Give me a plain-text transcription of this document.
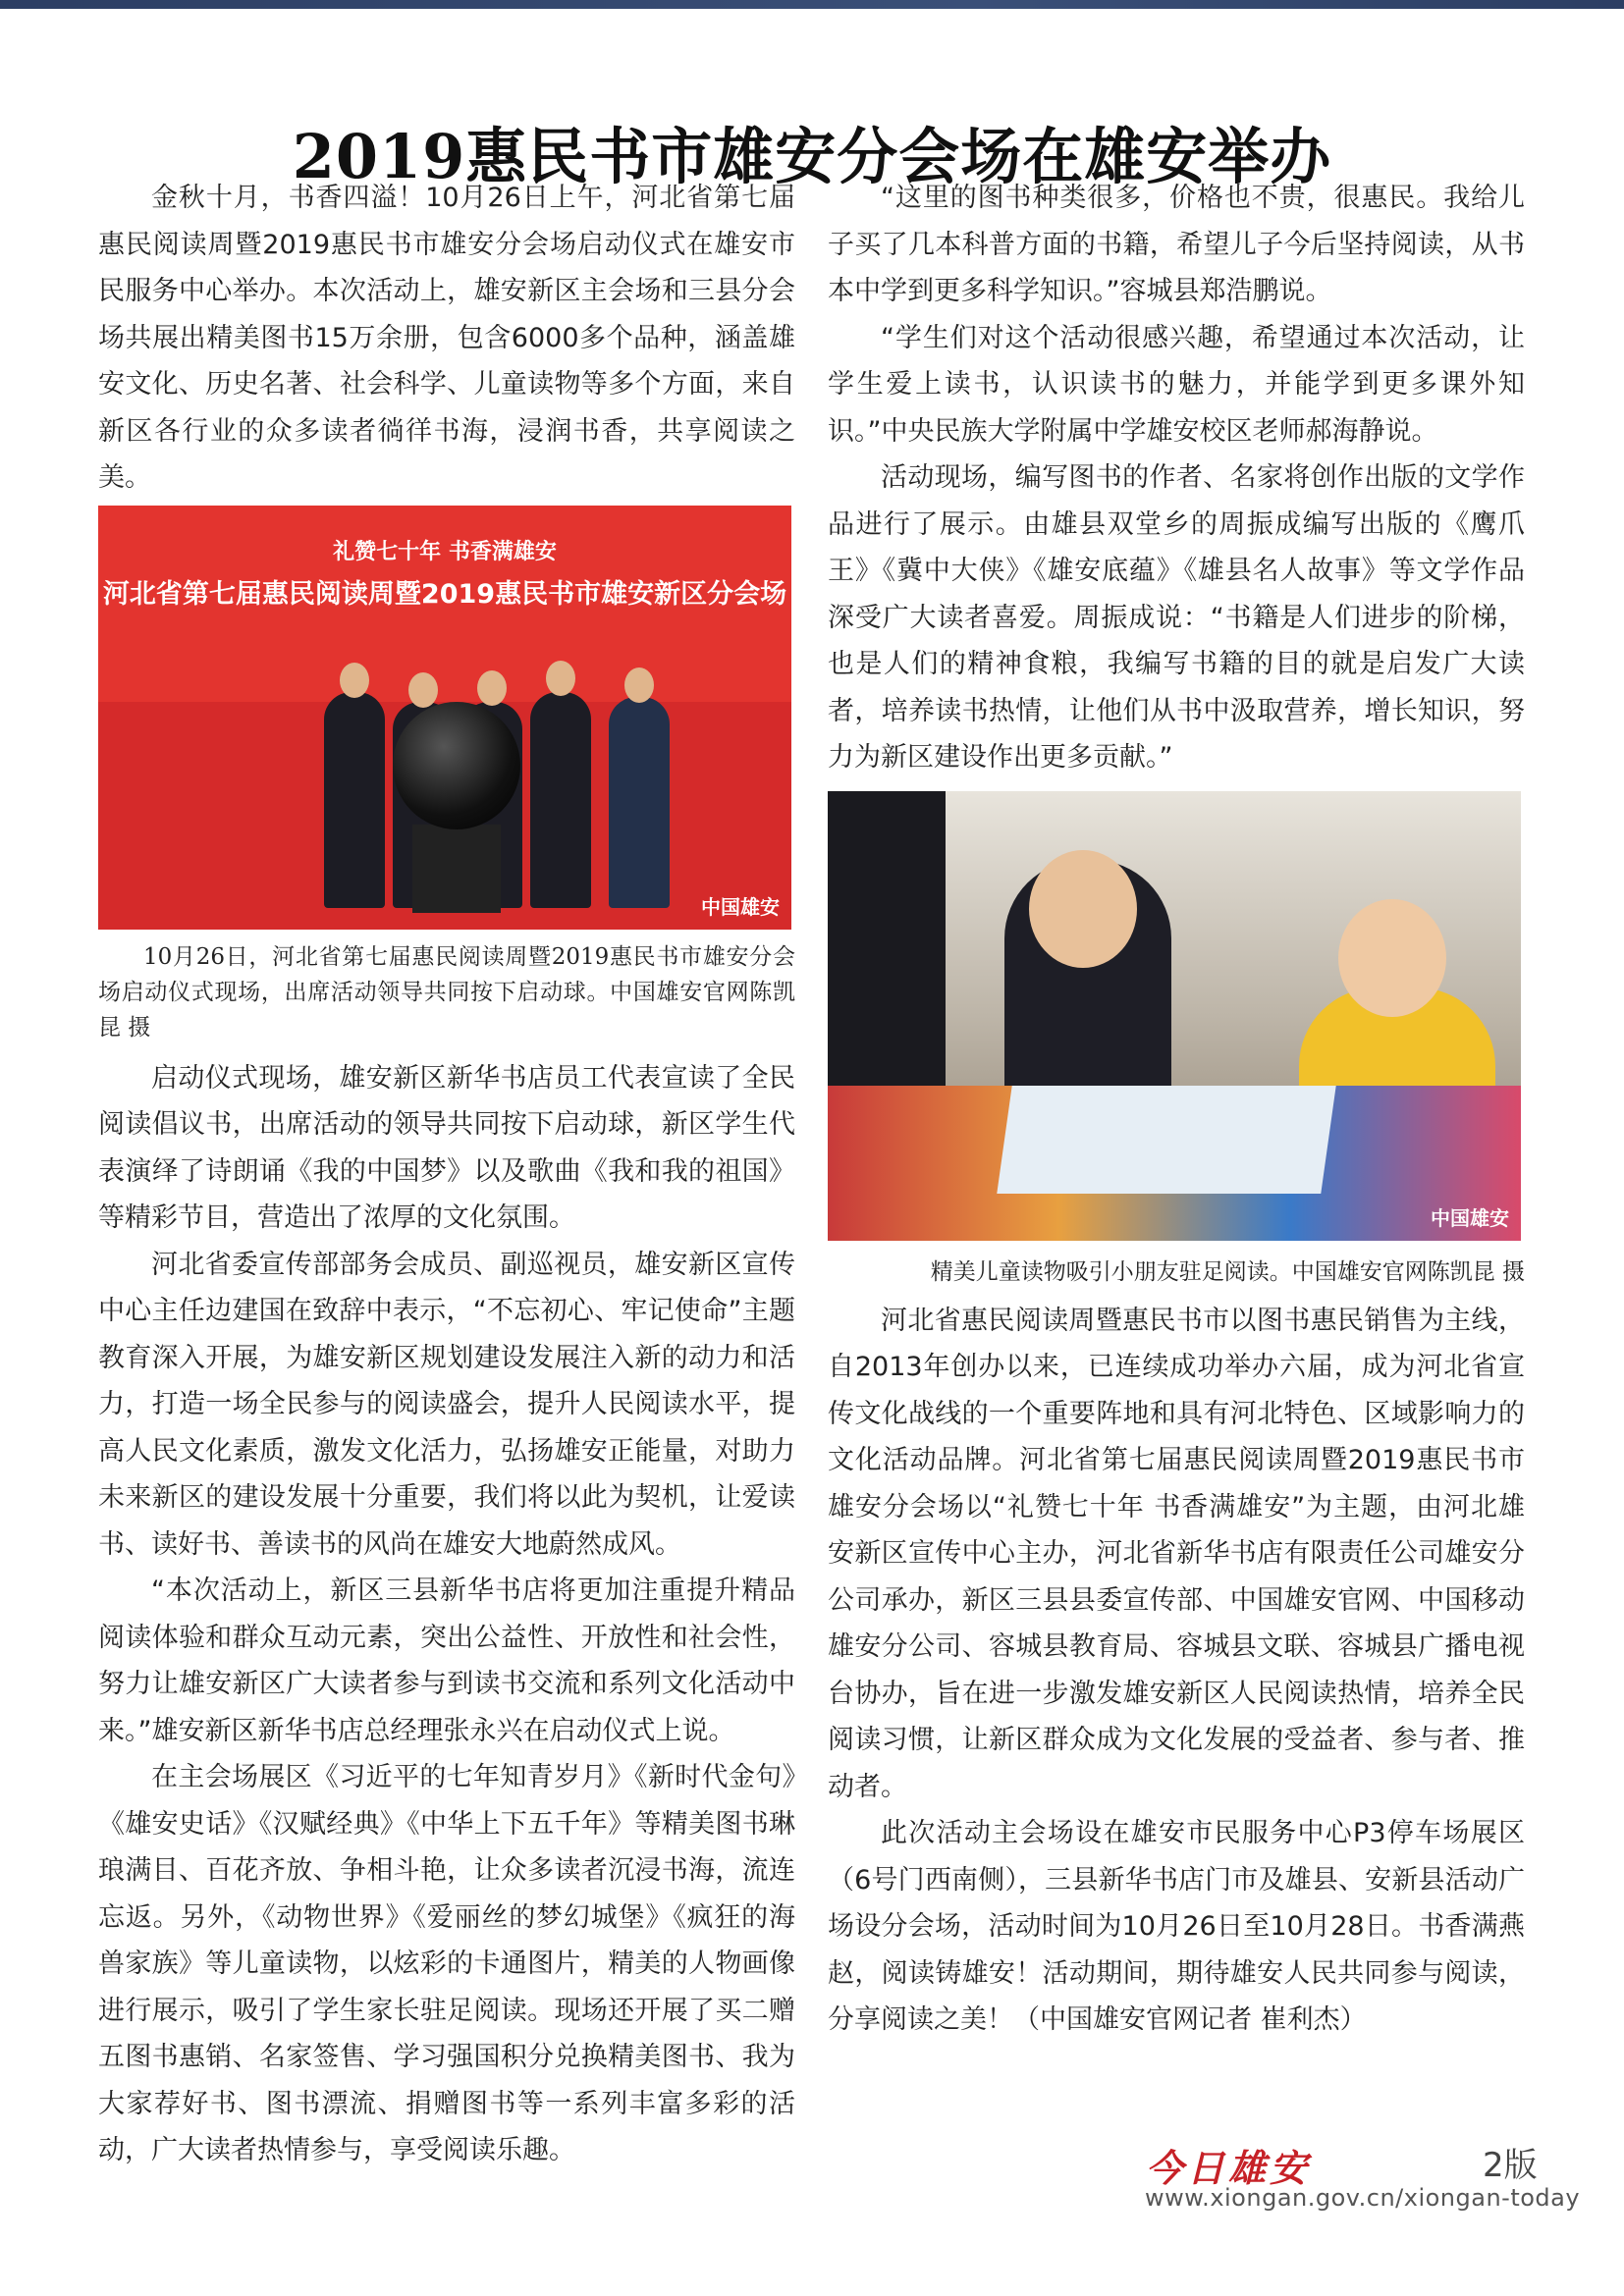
2019惠民书市雄安分会场在雄安举办

金秋十月，书香四溢！10月26日上午，河北省第七届惠民阅读周暨2019惠民书市雄安分会场启动仪式在雄安市民服务中心举办。本次活动上，雄安新区主会场和三县分会场共展出精美图书15万余册，包含6000多个品种，涵盖雄安文化、历史名著、社会科学、儿童读物等多个方面，来自新区各行业的众多读者徜徉书海，浸润书香，共享阅读之美。

礼赞七十年 书香满雄安
河北省第七届惠民阅读周暨2019惠民书市雄安新区分会场
中国雄安

10月26日，河北省第七届惠民阅读周暨2019惠民书市雄安分会场启动仪式现场，出席活动领导共同按下启动球。中国雄安官网陈凯昆 摄

启动仪式现场，雄安新区新华书店员工代表宣读了全民阅读倡议书，出席活动的领导共同按下启动球，新区学生代表演绎了诗朗诵《我的中国梦》以及歌曲《我和我的祖国》等精彩节目，营造出了浓厚的文化氛围。

河北省委宣传部部务会成员、副巡视员，雄安新区宣传中心主任边建国在致辞中表示，“不忘初心、牢记使命”主题教育深入开展，为雄安新区规划建设发展注入新的动力和活力，打造一场全民参与的阅读盛会，提升人民阅读水平，提高人民文化素质，激发文化活力，弘扬雄安正能量，对助力未来新区的建设发展十分重要，我们将以此为契机，让爱读书、读好书、善读书的风尚在雄安大地蔚然成风。

“本次活动上，新区三县新华书店将更加注重提升精品阅读体验和群众互动元素，突出公益性、开放性和社会性，努力让雄安新区广大读者参与到读书交流和系列文化活动中来。”雄安新区新华书店总经理张永兴在启动仪式上说。

在主会场展区《习近平的七年知青岁月》《新时代金句》《雄安史话》《汉赋经典》《中华上下五千年》等精美图书琳琅满目、百花齐放、争相斗艳，让众多读者沉浸书海，流连忘返。另外，《动物世界》《爱丽丝的梦幻城堡》《疯狂的海兽家族》等儿童读物，以炫彩的卡通图片，精美的人物画像进行展示，吸引了学生家长驻足阅读。现场还开展了买二赠五图书惠销、名家签售、学习强国积分兑换精美图书、我为大家荐好书、图书漂流、捐赠图书等一系列丰富多彩的活动，广大读者热情参与，享受阅读乐趣。

“这里的图书种类很多，价格也不贵，很惠民。我给儿子买了几本科普方面的书籍，希望儿子今后坚持阅读，从书本中学到更多科学知识。”容城县郑浩鹏说。

“学生们对这个活动很感兴趣，希望通过本次活动，让学生爱上读书，认识读书的魅力，并能学到更多课外知识。”中央民族大学附属中学雄安校区老师郝海静说。

活动现场，编写图书的作者、名家将创作出版的文学作品进行了展示。由雄县双堂乡的周振成编写出版的《鹰爪王》《冀中大侠》《雄安底蕴》《雄县名人故事》等文学作品深受广大读者喜爱。周振成说：“书籍是人们进步的阶梯，也是人们的精神食粮，我编写书籍的目的就是启发广大读者，培养读书热情，让他们从书中汲取营养，增长知识，努力为新区建设作出更多贡献。”

中国雄安

精美儿童读物吸引小朋友驻足阅读。中国雄安官网陈凯昆 摄

河北省惠民阅读周暨惠民书市以图书惠民销售为主线，自2013年创办以来，已连续成功举办六届，成为河北省宣传文化战线的一个重要阵地和具有河北特色、区域影响力的文化活动品牌。河北省第七届惠民阅读周暨2019惠民书市雄安分会场以“礼赞七十年 书香满雄安”为主题，由河北雄安新区宣传中心主办，河北省新华书店有限责任公司雄安分公司承办，新区三县县委宣传部、中国雄安官网、中国移动雄安分公司、容城县教育局、容城县文联、容城县广播电视台协办，旨在进一步激发雄安新区人民阅读热情，培养全民阅读习惯，让新区群众成为文化发展的受益者、参与者、推动者。

此次活动主会场设在雄安市民服务中心P3停车场展区（6号门西南侧），三县新华书店门市及雄县、安新县活动广场设分会场，活动时间为10月26日至10月28日。书香满燕赵，阅读铸雄安！活动期间，期待雄安人民共同参与阅读，分享阅读之美！（中国雄安官网记者 崔利杰）

今日雄安	2版
www.xiongan.gov.cn/xiongan-today
